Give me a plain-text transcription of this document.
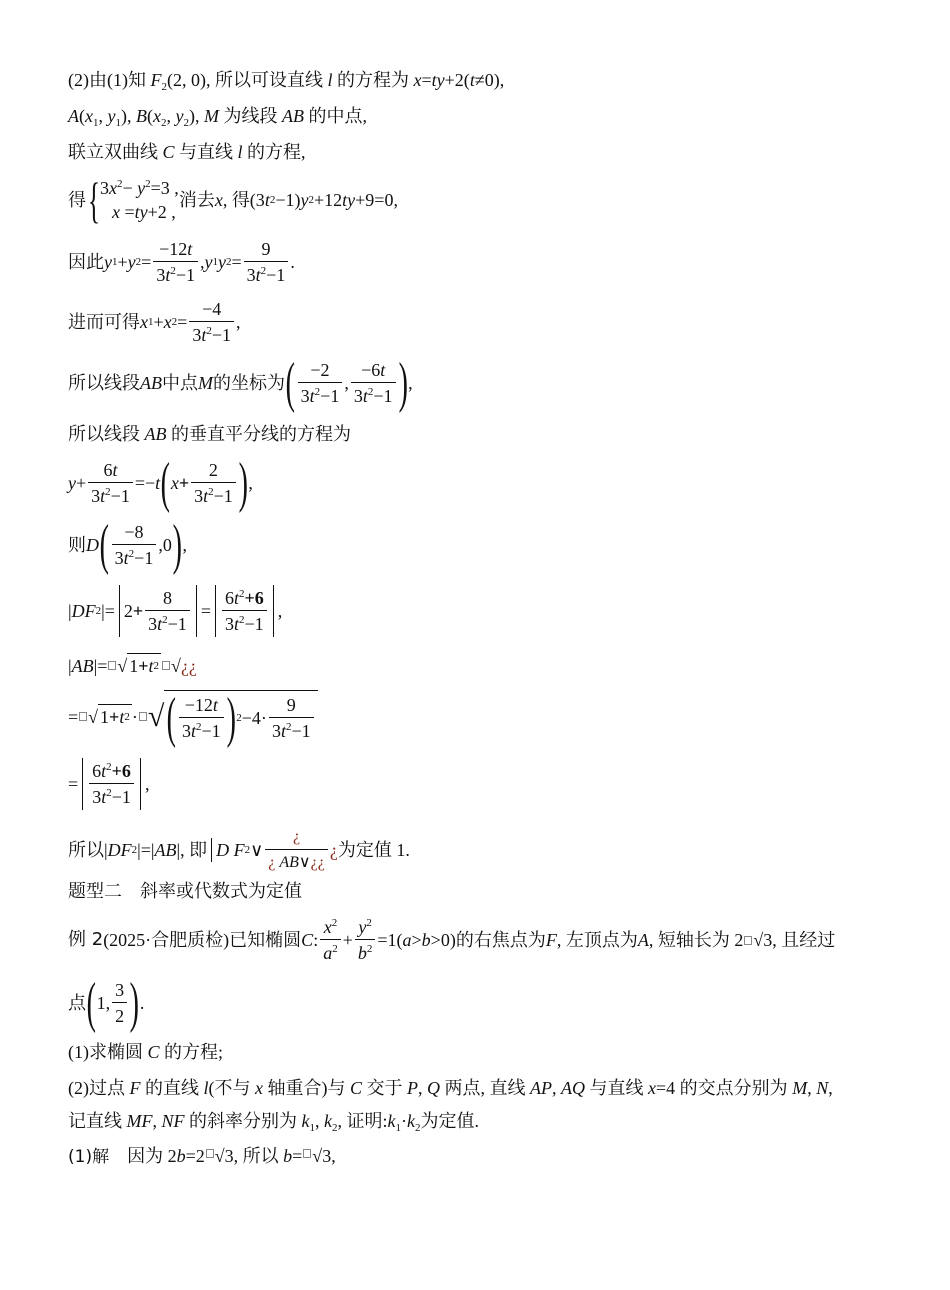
(2)由(1)知 $F_2(2$, 0), 所以可设直线 l 的方程为 x=ty+2(t≠0),
$A(x_1$, $y_1$), $B(x_2$, $y_2$), M 为线段 AB 的中点,
联立双曲线 C 与直线 l 的方程,
得 { $3x^2- y^2=3$ ,
x =ty+2 ,
消去 x , 得(3 t 2 −1) y 2 +12 ty +9=0,
因此 y 1 + y $2 = \frac{-12t}{3t^2-1}$ , y 1 y $2 = \frac{9}{3t^2-1}$ .
进而可得 x 1 + x $2 = \frac{-4}{3t^2-1}$ ,
所以线段 AB 中点 M 的坐标为 ( −2
$3t^2-1$
,
−6t
$3t^2-1$ ) ,
所以线段 AB 的垂直平分线的方程为
$y + \frac{6t}{3t^2-1} =- t$ ( $x + \frac{2}{3t^2-1}$ ) ,
则 D ( −8
$3t^2-1$
, 0 ) ,
| DF 2 | = $2 + \frac{8}{3t^2-1}$ =
$6t^2+6$
$3t^2-1$
,
| AB | = √ 1 + t 2 √ ¿¿
= √ 1 + t 2 · √ ( −12t
$3t^2-1$ ) 2 −4·
9
$3t^2-1$
=
$6t^2+6$
$3t^2-1$
,
所以| DF 2 |=| AB |, 即 D F 2 ∨
¿
¿ AB∨¿¿
¿ 为定值 1.
题型二　斜率或代数式为定值
例 2 (2025·合肥质检)已知椭圆 C :
$x^2$
$a^2 + \frac{y^2}{b^2} =1$( a > b >0)的右焦点为 F , 左顶点为 A , 短轴长为 2 √ 3 , 且经过
点 ( 1 ,
3
2 ) .
(1)求椭圆 C 的方程;
(2)过点 F 的直线 l(不与 x 轴重合)与 C 交于 P, Q 两点, 直线 AP, AQ 与直线 x=4 的交点分别为 M, N,
记直线 MF, NF 的斜率分别为 $k_1$, $k_2$, 证明$:k_1\cdot k_2$为定值.
(1)解　因为 2b=2 √3, 所以 b= √3,
